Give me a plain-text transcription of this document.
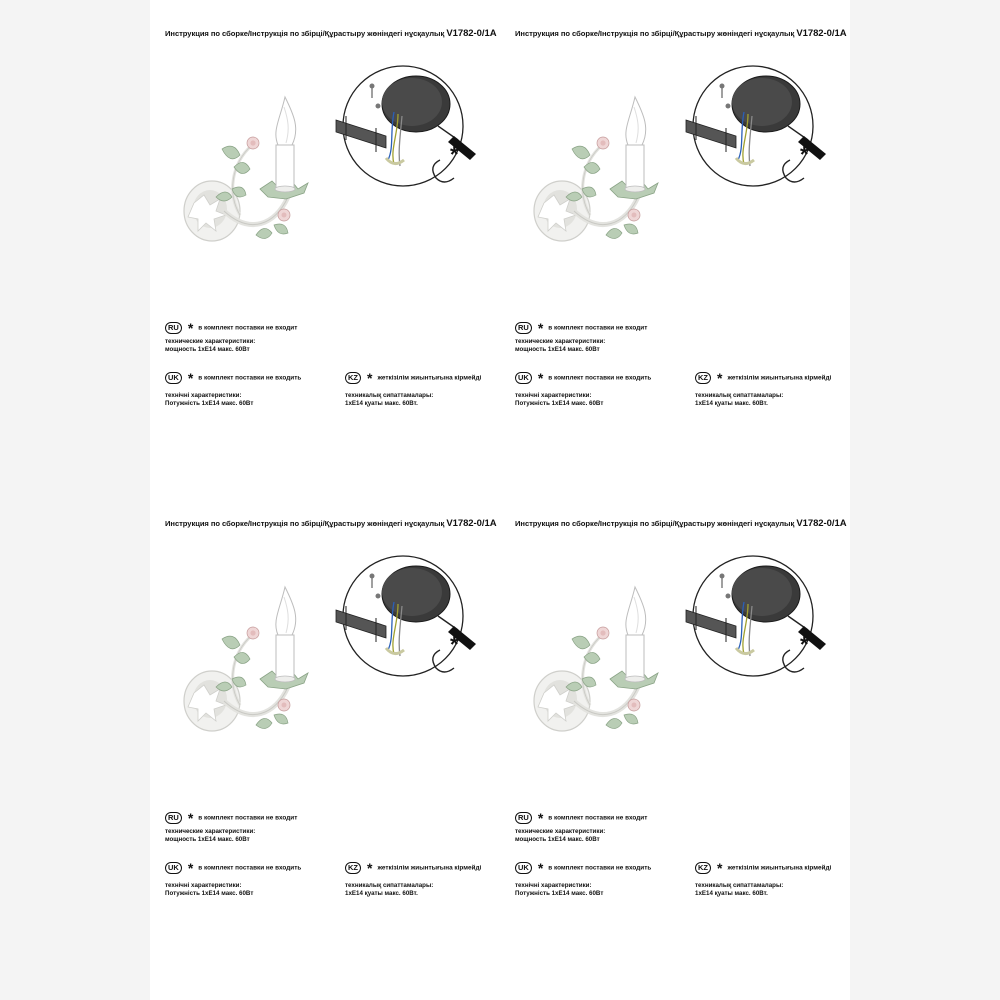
Инструкция по сборке/Інструкція по збірці/Құрастыру жөніндегі нұсқаулық V1782-0/1A
*
RU * в комплект поставки не входит
технические характеристики:
мощность 1хЕ14 макс. 60Вт
UK * в комплект поставки не входить
технічні характеристики:
Потужність 1хЕ14 макс. 60Вт
KZ * жеткізілім жиынтығына кірмейді
техникалық сипаттамалары:
1хЕ14 қуаты макс. 60Вт.
Инструкция по сборке/Інструкція по збірці/Құрастыру жөніндегі нұсқаулық V1782-0/1A
*
RU * в комплект поставки не входит
технические характеристики:
мощность 1хЕ14 макс. 60Вт
UK * в комплект поставки не входить
технічні характеристики:
Потужність 1хЕ14 макс. 60Вт
KZ * жеткізілім жиынтығына кірмейді
техникалық сипаттамалары:
1хЕ14 қуаты макс. 60Вт.
Инструкция по сборке/Інструкція по збірці/Құрастыру жөніндегі нұсқаулық V1782-0/1A
*
RU * в комплект поставки не входит
технические характеристики:
мощность 1хЕ14 макс. 60Вт
UK * в комплект поставки не входить
технічні характеристики:
Потужність 1хЕ14 макс. 60Вт
KZ * жеткізілім жиынтығына кірмейді
техникалық сипаттамалары:
1хЕ14 қуаты макс. 60Вт.
Инструкция по сборке/Інструкція по збірці/Құрастыру жөніндегі нұсқаулық V1782-0/1A
*
RU * в комплект поставки не входит
технические характеристики:
мощность 1хЕ14 макс. 60Вт
UK * в комплект поставки не входить
технічні характеристики:
Потужність 1хЕ14 макс. 60Вт
KZ * жеткізілім жиынтығына кірмейді
техникалық сипаттамалары:
1хЕ14 қуаты макс. 60Вт.
